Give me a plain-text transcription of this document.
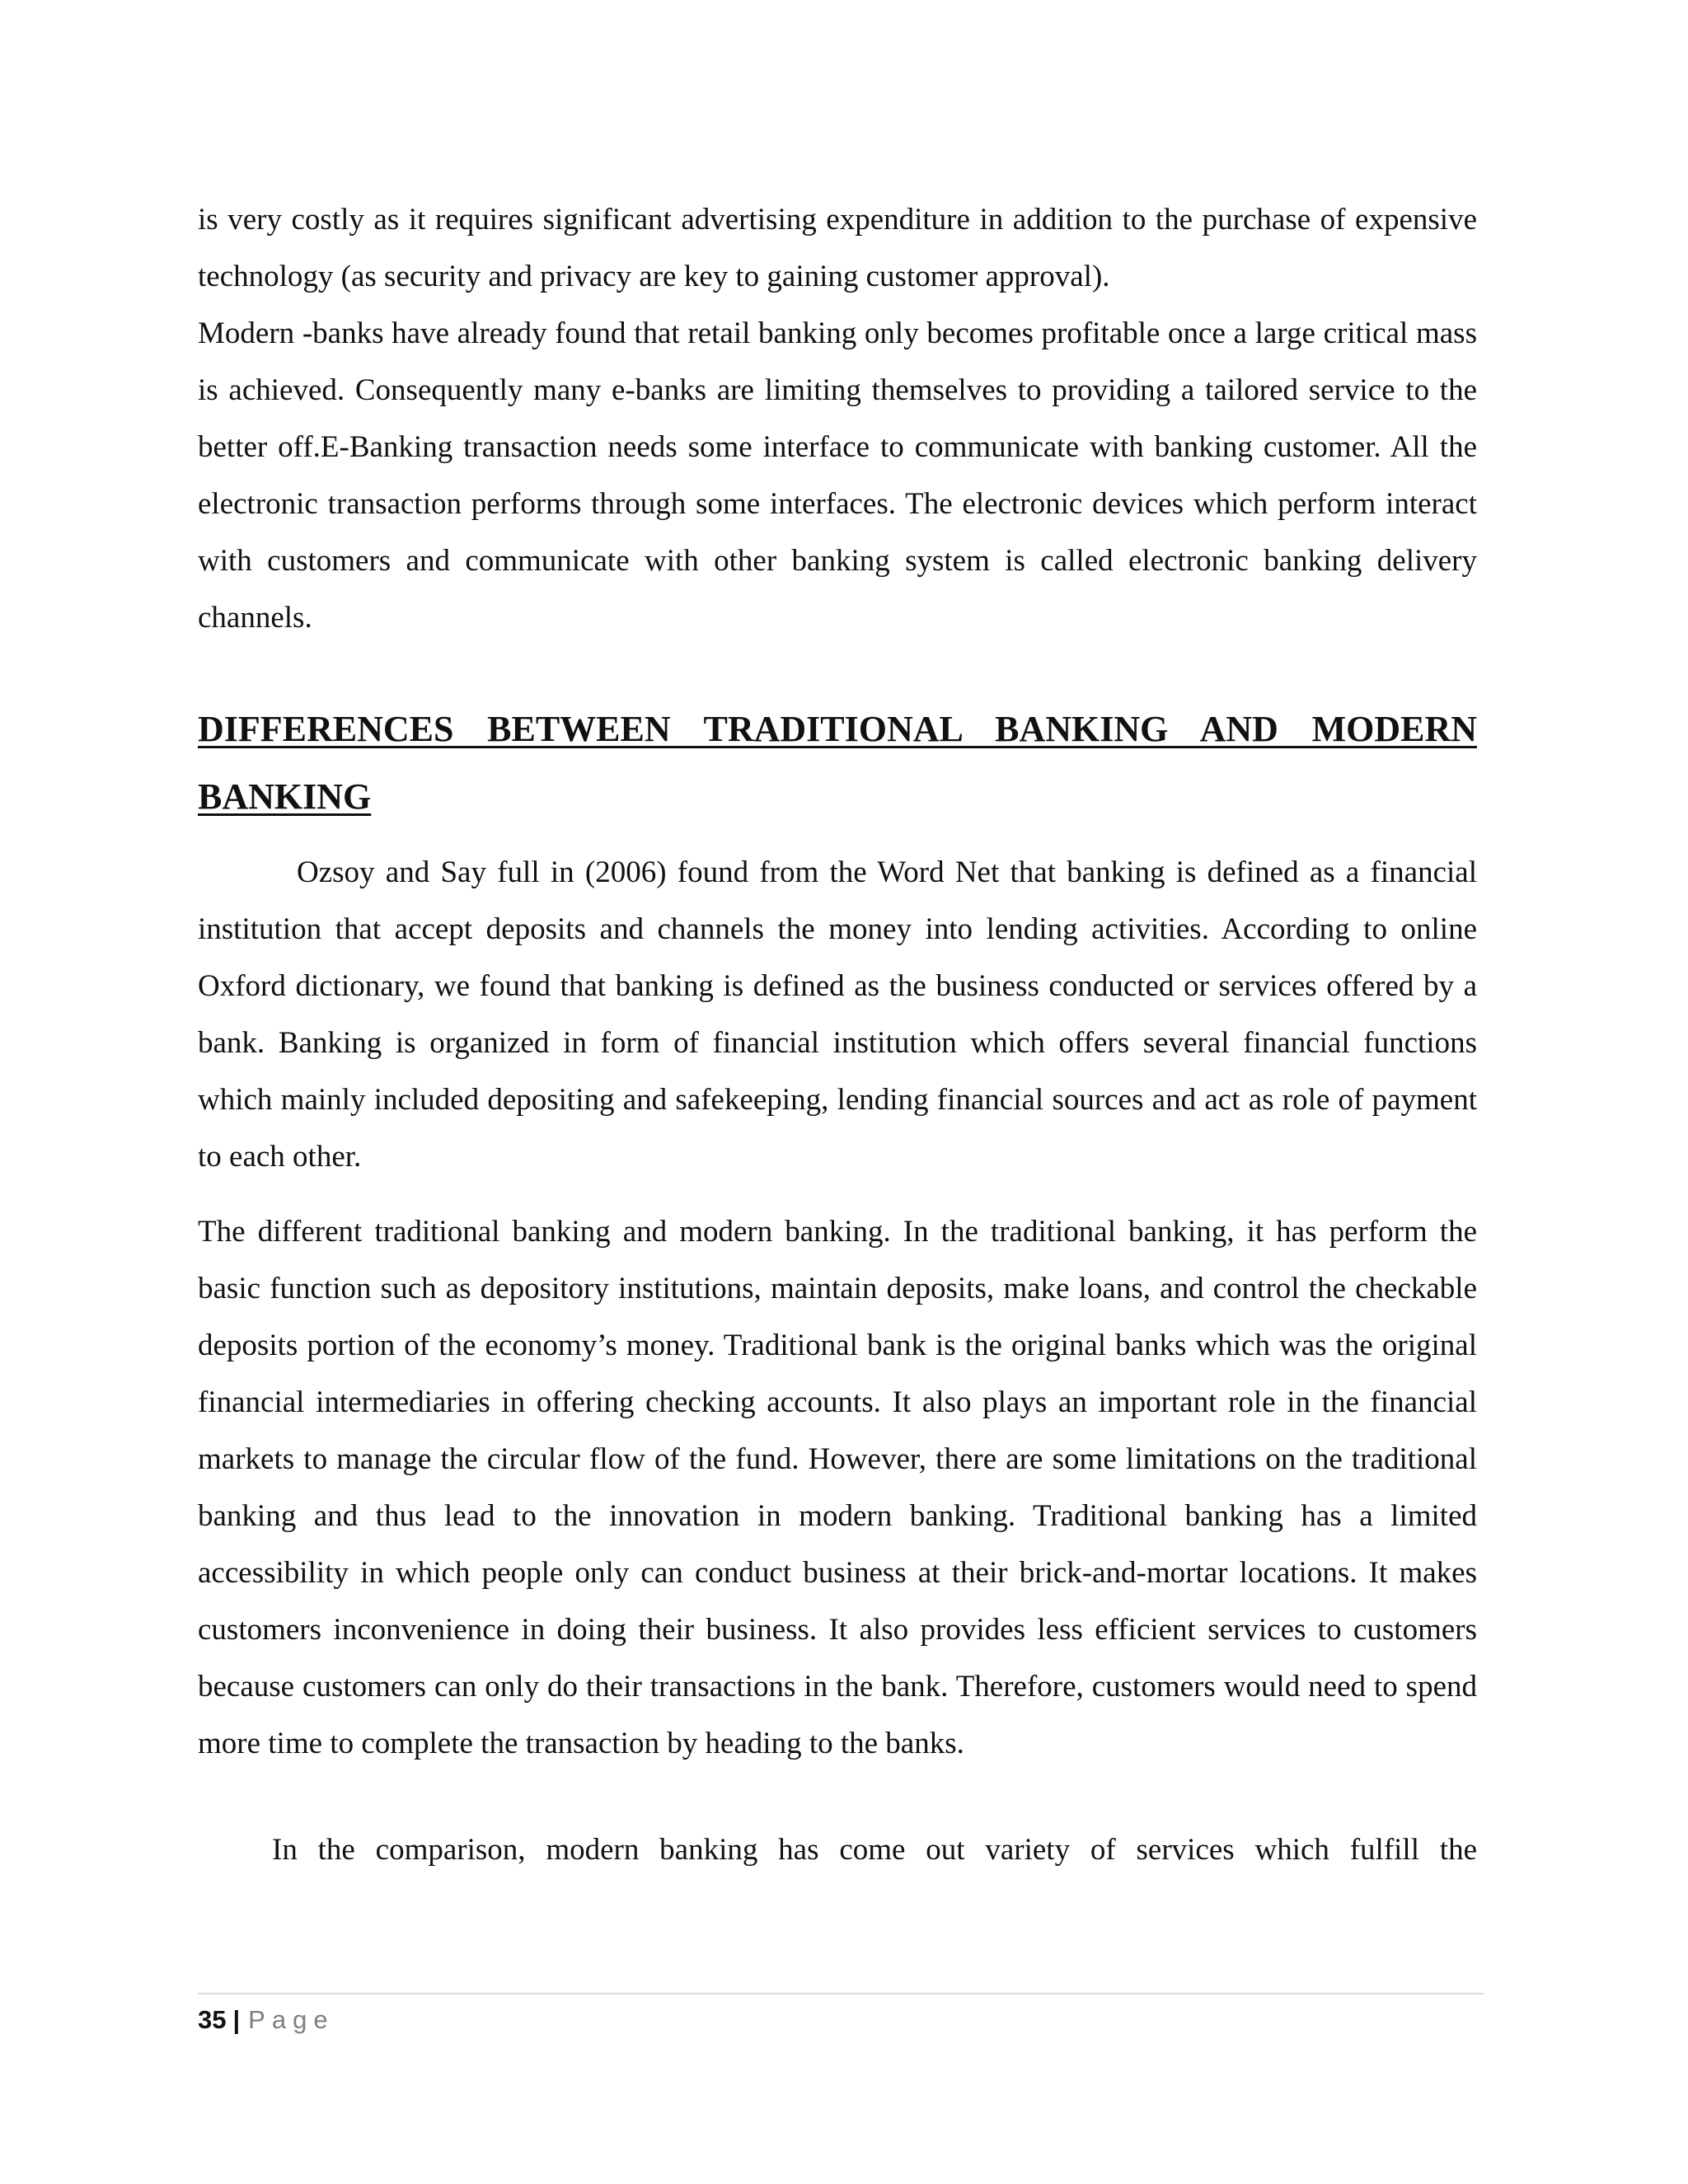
is very costly as it requires significant advertising expenditure in addition to the purchase of expensive technology (as security and privacy are key to gaining customer approval).

Modern -banks have already found that retail banking only becomes profitable once a large critical mass is achieved. Consequently many e-banks are limiting themselves to providing a tailored service to the better off.E-Banking transaction needs some interface to communicate with banking customer. All the electronic transaction performs through some interfaces. The electronic devices which perform interact with customers and communicate with other banking system is called electronic banking delivery channels.

DIFFERENCES BETWEEN TRADITIONAL BANKING AND MODERN BANKING

Ozsoy and Say full in (2006) found from the Word Net that banking is defined as a financial institution that accept deposits and channels the money into lending activities. According to online Oxford dictionary, we found that banking is defined as the business conducted or services offered by a bank. Banking is organized in form of financial institution which offers several financial functions which mainly included depositing and safekeeping, lending financial sources and act as role of payment to each other.

The different traditional banking and modern banking. In the traditional banking, it has perform the basic function such as depository institutions, maintain deposits, make loans, and control the checkable deposits portion of the economy’s money. Traditional bank is the original banks which was the original financial intermediaries in offering checking accounts. It also plays an important role in the financial markets to manage the circular flow of the fund. However, there are some limitations on the traditional banking and thus lead to the innovation in modern banking. Traditional banking has a limited accessibility in which people only can conduct business at their brick-and-mortar locations. It makes customers inconvenience in doing their business. It also provides less efficient services to customers because customers can only do their transactions in the bank. Therefore, customers would need to spend more time to complete the transaction by heading to the banks.

In the comparison, modern banking has come out variety of services which fulfill the

35 | Page
